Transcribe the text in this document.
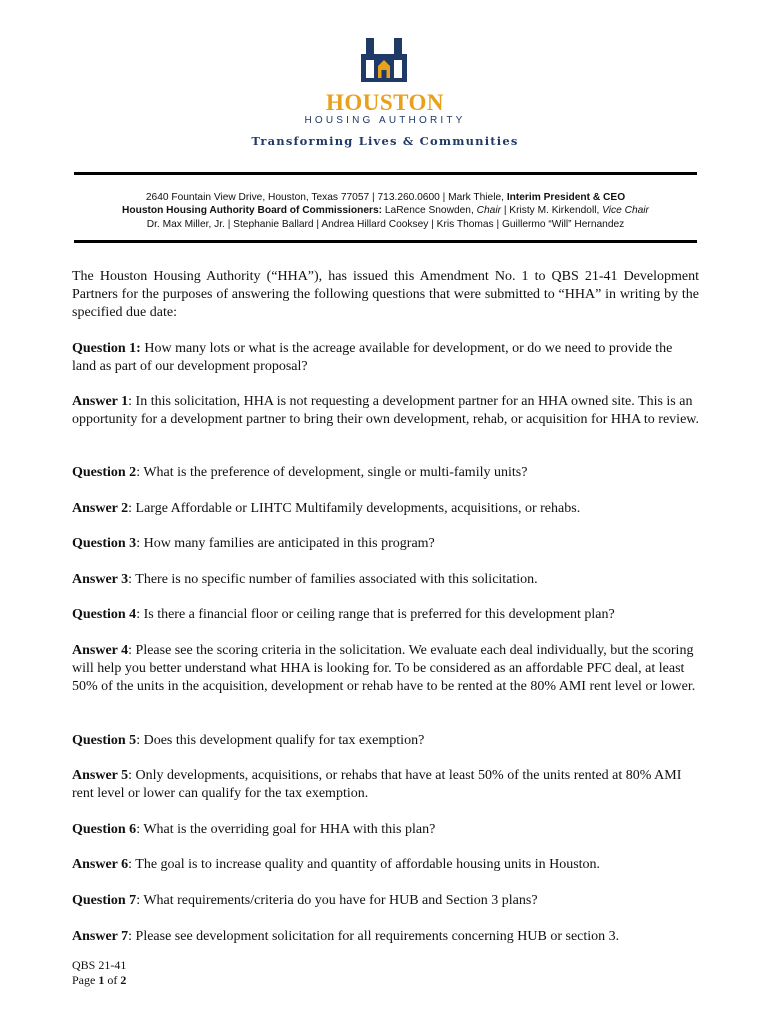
HOUSTON
HOUSING AUTHORITY
Transforming Lives & Communities
2640 Fountain View Drive, Houston, Texas 77057 | 713.260.0600 | Mark Thiele, Interim President & CEO
Houston Housing Authority Board of Commissioners: LaRence Snowden, Chair | Kristy M. Kirkendoll, Vice Chair
Dr. Max Miller, Jr. | Stephanie Ballard | Andrea Hillard Cooksey | Kris Thomas | Guillermo “Will” Hernandez

The Houston Housing Authority (“HHA”), has issued this Amendment No. 1 to QBS 21-41 Development Partners for the purposes of answering the following questions that were submitted to “HHA” in writing by the specified due date:

Question 1: How many lots or what is the acreage available for development, or do we need to provide the land as part of our development proposal?

Answer 1: In this solicitation, HHA is not requesting a development partner for an HHA owned site. This is an opportunity for a development partner to bring their own development, rehab, or acquisition for HHA to review.

Question 2: What is the preference of development, single or multi-family units?

Answer 2: Large Affordable or LIHTC Multifamily developments, acquisitions, or rehabs.

Question 3: How many families are anticipated in this program?

Answer 3: There is no specific number of families associated with this solicitation.

Question 4: Is there a financial floor or ceiling range that is preferred for this development plan?

Answer 4: Please see the scoring criteria in the solicitation. We evaluate each deal individually, but the scoring will help you better understand what HHA is looking for. To be considered as an affordable PFC deal, at least 50% of the units in the acquisition, development or rehab have to be rented at the 80% AMI rent level or lower.

Question 5: Does this development qualify for tax exemption?

Answer 5: Only developments, acquisitions, or rehabs that have at least 50% of the units rented at 80% AMI rent level or lower can qualify for the tax exemption.

Question 6: What is the overriding goal for HHA with this plan?

Answer 6: The goal is to increase quality and quantity of affordable housing units in Houston.

Question 7: What requirements/criteria do you have for HUB and Section 3 plans?

Answer 7: Please see development solicitation for all requirements concerning HUB or section 3.

QBS 21-41
Page 1 of 2
